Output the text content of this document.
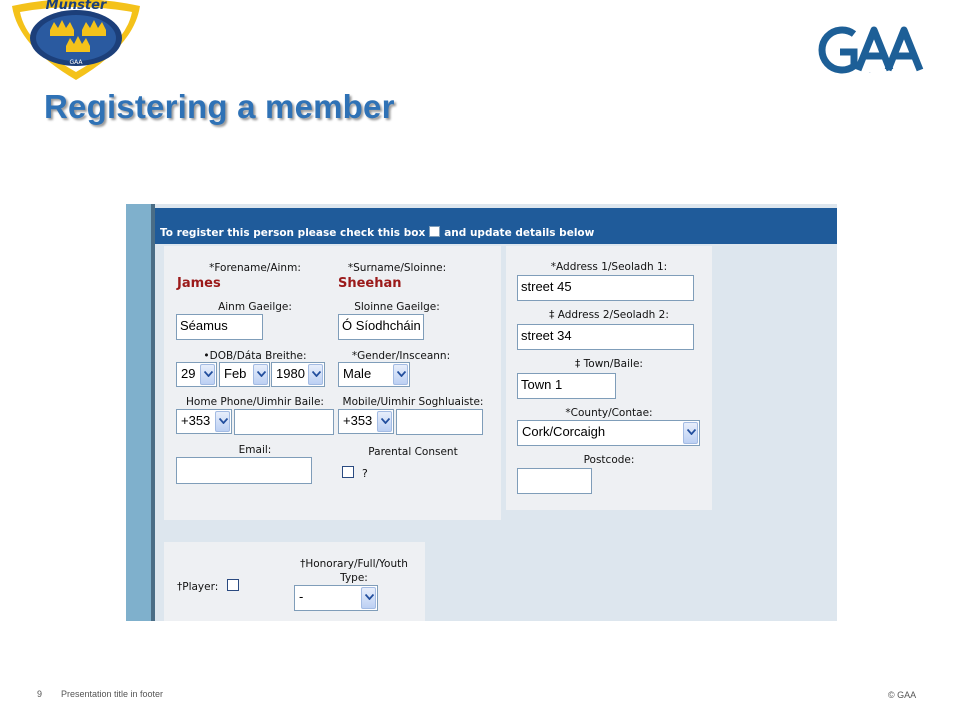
Munster
GAA
GAA
Registering a member
To register this person please check this box and update details below
*Forename/Ainm:
James
*Surname/Sloinne:
Sheehan
Ainm Gaeilge:
Séamus
Sloinne Gaeilge:
Ó Síodhcháin
•DOB/Dáta Breithe:
29 Feb 1980
*Gender/Insceann:
Male
Home Phone/Uimhir Baile:
+353
Mobile/Uimhir Soghluaiste:
+353
Email:	Parental Consent
?
*Address 1/Seoladh 1:
street 45
‡ Address 2/Seoladh 2:
street 34
‡ Town/Baile:
Town 1
*County/Contae:
Cork/Corcaigh
Postcode:
†Player:
†Honorary/Full/Youth
Type:
-
9 Presentation title in footer	© GAA
